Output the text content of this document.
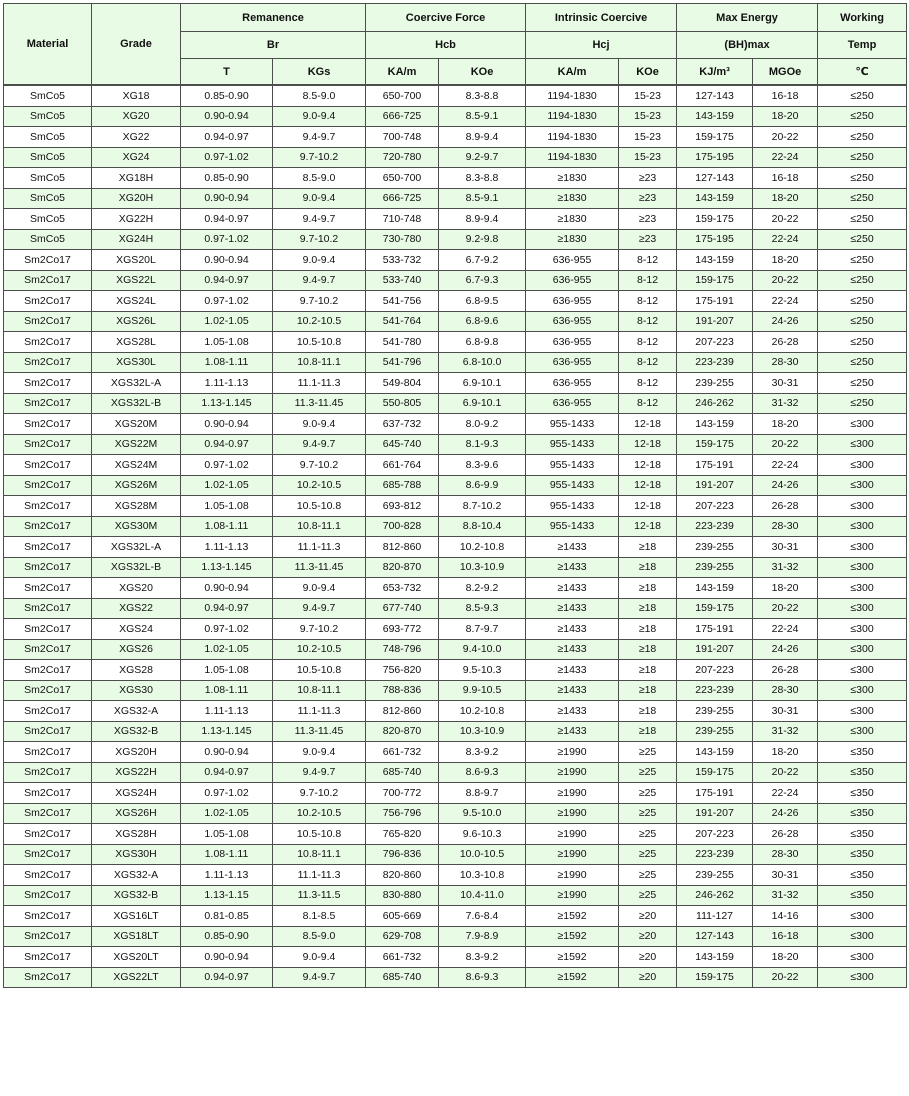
Material	Grade	Remanence		Coercive Force		Intrinsic Coercive		Max Energy		Working
		Br		Hcb		Hcj		(BH)max		Temp
		T	KGs	KA/m	KOe	KA/m	KOe	KJ/m³	MGOe	℃
SmCo5	XG18	0.85-0.90	8.5-9.0	650-700	8.3-8.8	1194-1830	15-23	127-143	16-18	≤250
SmCo5	XG20	0.90-0.94	9.0-9.4	666-725	8.5-9.1	1194-1830	15-23	143-159	18-20	≤250
SmCo5	XG22	0.94-0.97	9.4-9.7	700-748	8.9-9.4	1194-1830	15-23	159-175	20-22	≤250
SmCo5	XG24	0.97-1.02	9.7-10.2	720-780	9.2-9.7	1194-1830	15-23	175-195	22-24	≤250
SmCo5	XG18H	0.85-0.90	8.5-9.0	650-700	8.3-8.8	≥1830	≥23	127-143	16-18	≤250
SmCo5	XG20H	0.90-0.94	9.0-9.4	666-725	8.5-9.1	≥1830	≥23	143-159	18-20	≤250
SmCo5	XG22H	0.94-0.97	9.4-9.7	710-748	8.9-9.4	≥1830	≥23	159-175	20-22	≤250
SmCo5	XG24H	0.97-1.02	9.7-10.2	730-780	9.2-9.8	≥1830	≥23	175-195	22-24	≤250
Sm2Co17	XGS20L	0.90-0.94	9.0-9.4	533-732	6.7-9.2	636-955	8-12	143-159	18-20	≤250
Sm2Co17	XGS22L	0.94-0.97	9.4-9.7	533-740	6.7-9.3	636-955	8-12	159-175	20-22	≤250
Sm2Co17	XGS24L	0.97-1.02	9.7-10.2	541-756	6.8-9.5	636-955	8-12	175-191	22-24	≤250
Sm2Co17	XGS26L	1.02-1.05	10.2-10.5	541-764	6.8-9.6	636-955	8-12	191-207	24-26	≤250
Sm2Co17	XGS28L	1.05-1.08	10.5-10.8	541-780	6.8-9.8	636-955	8-12	207-223	26-28	≤250
Sm2Co17	XGS30L	1.08-1.11	10.8-11.1	541-796	6.8-10.0	636-955	8-12	223-239	28-30	≤250
Sm2Co17	XGS32L-A	1.11-1.13	11.1-11.3	549-804	6.9-10.1	636-955	8-12	239-255	30-31	≤250
Sm2Co17	XGS32L-B	1.13-1.145	11.3-11.45	550-805	6.9-10.1	636-955	8-12	246-262	31-32	≤250
Sm2Co17	XGS20M	0.90-0.94	9.0-9.4	637-732	8.0-9.2	955-1433	12-18	143-159	18-20	≤300
Sm2Co17	XGS22M	0.94-0.97	9.4-9.7	645-740	8.1-9.3	955-1433	12-18	159-175	20-22	≤300
Sm2Co17	XGS24M	0.97-1.02	9.7-10.2	661-764	8.3-9.6	955-1433	12-18	175-191	22-24	≤300
Sm2Co17	XGS26M	1.02-1.05	10.2-10.5	685-788	8.6-9.9	955-1433	12-18	191-207	24-26	≤300
Sm2Co17	XGS28M	1.05-1.08	10.5-10.8	693-812	8.7-10.2	955-1433	12-18	207-223	26-28	≤300
Sm2Co17	XGS30M	1.08-1.11	10.8-11.1	700-828	8.8-10.4	955-1433	12-18	223-239	28-30	≤300
Sm2Co17	XGS32L-A	1.11-1.13	11.1-11.3	812-860	10.2-10.8	≥1433	≥18	239-255	30-31	≤300
Sm2Co17	XGS32L-B	1.13-1.145	11.3-11.45	820-870	10.3-10.9	≥1433	≥18	239-255	31-32	≤300
Sm2Co17	XGS20	0.90-0.94	9.0-9.4	653-732	8.2-9.2	≥1433	≥18	143-159	18-20	≤300
Sm2Co17	XGS22	0.94-0.97	9.4-9.7	677-740	8.5-9.3	≥1433	≥18	159-175	20-22	≤300
Sm2Co17	XGS24	0.97-1.02	9.7-10.2	693-772	8.7-9.7	≥1433	≥18	175-191	22-24	≤300
Sm2Co17	XGS26	1.02-1.05	10.2-10.5	748-796	9.4-10.0	≥1433	≥18	191-207	24-26	≤300
Sm2Co17	XGS28	1.05-1.08	10.5-10.8	756-820	9.5-10.3	≥1433	≥18	207-223	26-28	≤300
Sm2Co17	XGS30	1.08-1.11	10.8-11.1	788-836	9.9-10.5	≥1433	≥18	223-239	28-30	≤300
Sm2Co17	XGS32-A	1.11-1.13	11.1-11.3	812-860	10.2-10.8	≥1433	≥18	239-255	30-31	≤300
Sm2Co17	XGS32-B	1.13-1.145	11.3-11.45	820-870	10.3-10.9	≥1433	≥18	239-255	31-32	≤300
Sm2Co17	XGS20H	0.90-0.94	9.0-9.4	661-732	8.3-9.2	≥1990	≥25	143-159	18-20	≤350
Sm2Co17	XGS22H	0.94-0.97	9.4-9.7	685-740	8.6-9.3	≥1990	≥25	159-175	20-22	≤350
Sm2Co17	XGS24H	0.97-1.02	9.7-10.2	700-772	8.8-9.7	≥1990	≥25	175-191	22-24	≤350
Sm2Co17	XGS26H	1.02-1.05	10.2-10.5	756-796	9.5-10.0	≥1990	≥25	191-207	24-26	≤350
Sm2Co17	XGS28H	1.05-1.08	10.5-10.8	765-820	9.6-10.3	≥1990	≥25	207-223	26-28	≤350
Sm2Co17	XGS30H	1.08-1.11	10.8-11.1	796-836	10.0-10.5	≥1990	≥25	223-239	28-30	≤350
Sm2Co17	XGS32-A	1.11-1.13	11.1-11.3	820-860	10.3-10.8	≥1990	≥25	239-255	30-31	≤350
Sm2Co17	XGS32-B	1.13-1.15	11.3-11.5	830-880	10.4-11.0	≥1990	≥25	246-262	31-32	≤350
Sm2Co17	XGS16LT	0.81-0.85	8.1-8.5	605-669	7.6-8.4	≥1592	≥20	111-127	14-16	≤300
Sm2Co17	XGS18LT	0.85-0.90	8.5-9.0	629-708	7.9-8.9	≥1592	≥20	127-143	16-18	≤300
Sm2Co17	XGS20LT	0.90-0.94	9.0-9.4	661-732	8.3-9.2	≥1592	≥20	143-159	18-20	≤300
Sm2Co17	XGS22LT	0.94-0.97	9.4-9.7	685-740	8.6-9.3	≥1592	≥20	159-175	20-22	≤300
